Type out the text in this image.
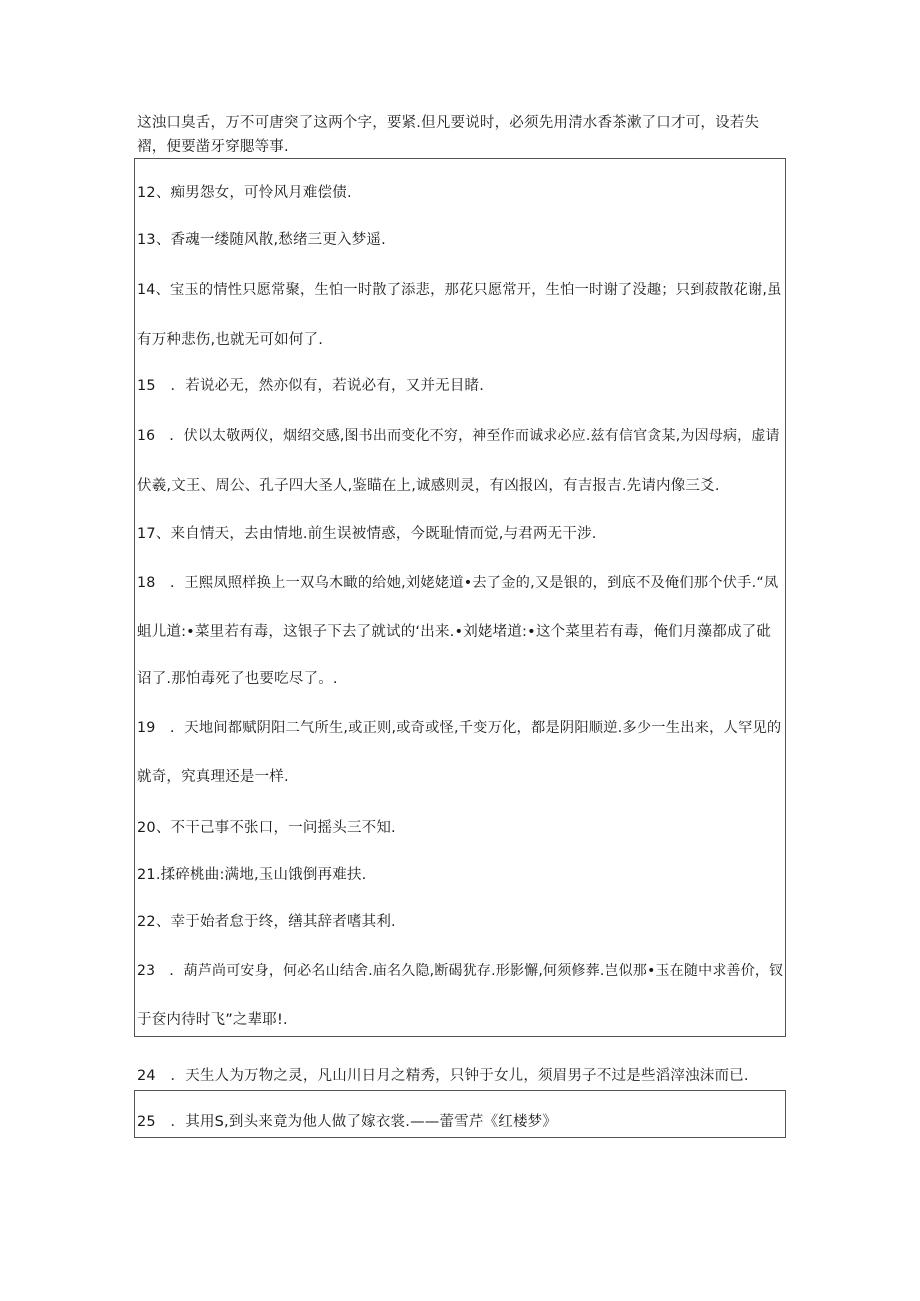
这浊口臭舌，万不可唐突了这两个字，要紧.但凡要说时，必须先用清水香茶漱了口才可，设若失
褶，便要凿牙穿腮等事.
12、痴男怨女，可怜风月难偿债.
13、香魂一缕随风散,愁绪三更入梦遥.
14、宝玉的情性只愿常聚，生怕一时散了添悲，那花只愿常开，生怕一时谢了没趣；只到菽散花谢,虽
有万种悲伤,也就无可如何了.
15　．若说必无，然亦似有，若说必有，又并无目睹.
16　．伏以太敬两仪，烟绍交感,图书出而变化不穷，神至作而诚求必应.兹有信官贪某,为因母病，虚请
伏羲,文王、周公、孔子四大圣人,鉴瞄在上,诚感则灵，有凶报凶，有吉报吉.先请内像三爻.
17、来自情天，去由情地.前生误被情惑，今既耻情而觉,与君两无干涉.
18　．王熙凤照样换上一双乌木瞰的给她,刘姥姥道•去了金的,又是银的，到底不及俺们那个伏手.“凤
蛆儿道:•菜里若有毒，这银子下去了就试的‘出来.•刘姥堵道:•这个菜里若有毒，俺们月藻都成了砒
诏了.那怕毒死了也要吃尽了。.
19　．天地间都赋阴阳二气所生,或正则,或奇或怪,千变万化，都是阴阳顺逆.多少一生出来，人罕见的
就奇，究真理还是一样.
20、不干己事不张口，一问摇头三不知.
21.揉碎桃曲:满地,玉山饿倒再难扶.
22、幸于始者怠于终，缮其辞者嗜其利.
23　．葫芦尚可安身，何必名山结舍.庙名久隐,断碣犹存.形影懈,何须修葬.岂似那•玉在随中求善价，钗
于奁内待时飞”之辈耶!.
24　．天生人为万物之灵，凡山川日月之精秀，只钟于女儿，须眉男子不过是些滔滓浊沫而已.
25　．其用S,到头来竟为他人做了嫁衣裳.——蕾雪芹《红楼梦》
